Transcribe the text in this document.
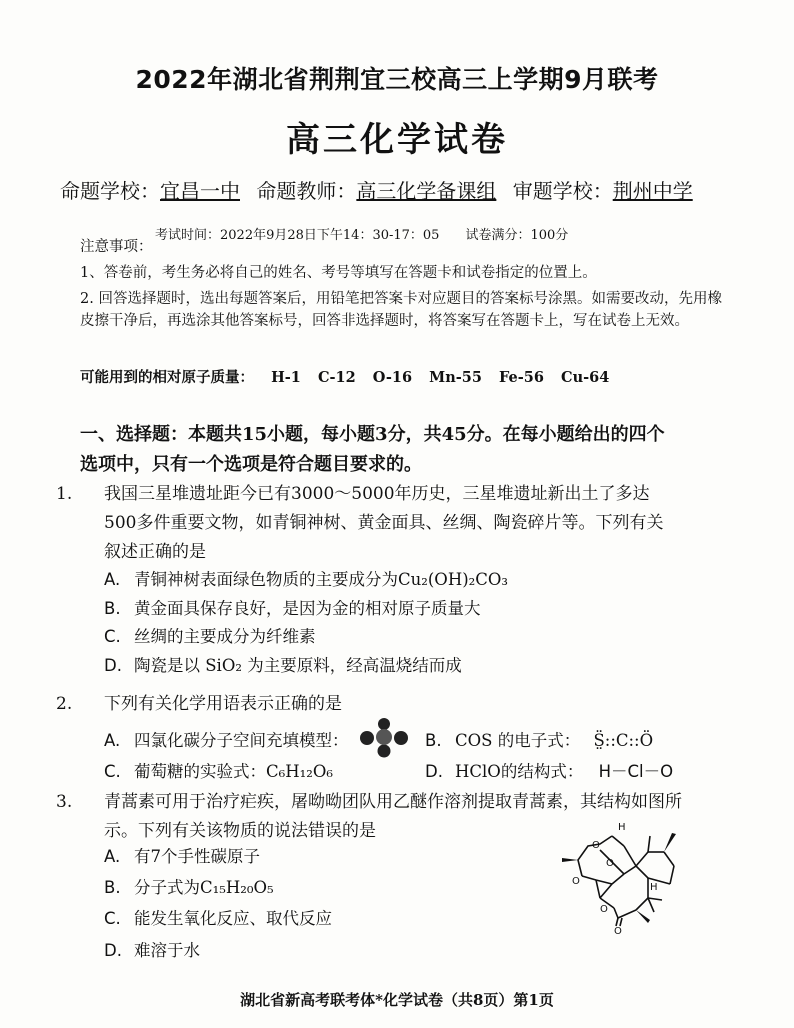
2022年湖北省荆荆宜三校高三上学期9月联考
高三化学试卷
命题学校：宜昌一中 命题教师：高三化学备课组 审题学校：荆州中学
考试时间：2022年9月28日下午14：30-17：05 试卷满分：100分
注意事项：
1、答卷前，考生务必将自己的姓名、考号等填写在答题卡和试卷指定的位置上。
2. 回答选择题时，选出每题答案后，用铅笔把答案卡对应题目的答案标号涂黑。如需要改动，先用橡皮擦干净后，再选涂其他答案标号，回答非选择题时，将答案写在答题卡上，写在试卷上无效。
可能用到的相对原子质量： H-1 C-12 O-16 Mn-55 Fe-56 Cu-64
一、选择题：本题共15小题，每小题3分，共45分。在每小题给出的四个选项中，只有一个选项是符合题目要求的。
1. 我国三星堆遗址距今已有3000～5000年历史，三星堆遗址新出土了多达500多件重要文物，如青铜神树、黄金面具、丝绸、陶瓷碎片等。下列有关叙述正确的是
A. 青铜神树表面绿色物质的主要成分为Cu₂(OH)₂CO₃
B. 黄金面具保存良好，是因为金的相对原子质量大
C. 丝绸的主要成分为纤维素
D. 陶瓷是以 SiO₂ 为主要原料，经高温烧结而成
2. 下列有关化学用语表示正确的是
A. 四氯化碳分子空间充填模型：	B. COS 的电子式： S̤̈::C::Ö
C. 葡萄糖的实验式：C₆H₁₂O₆	D. HClO的结构式： H－Cl－O
3. 青蒿素可用于治疗疟疾，屠呦呦团队用乙醚作溶剂提取青蒿素，其结构如图所示。下列有关该物质的说法错误的是
A. 有7个手性碳原子
B. 分子式为C₁₅H₂₀O₅
C. 能发生氧化反应、取代反应
D. 难溶于水
H
H
O
O
O
O
O
湖北省新高考联考体*化学试卷（共8页）第1页
